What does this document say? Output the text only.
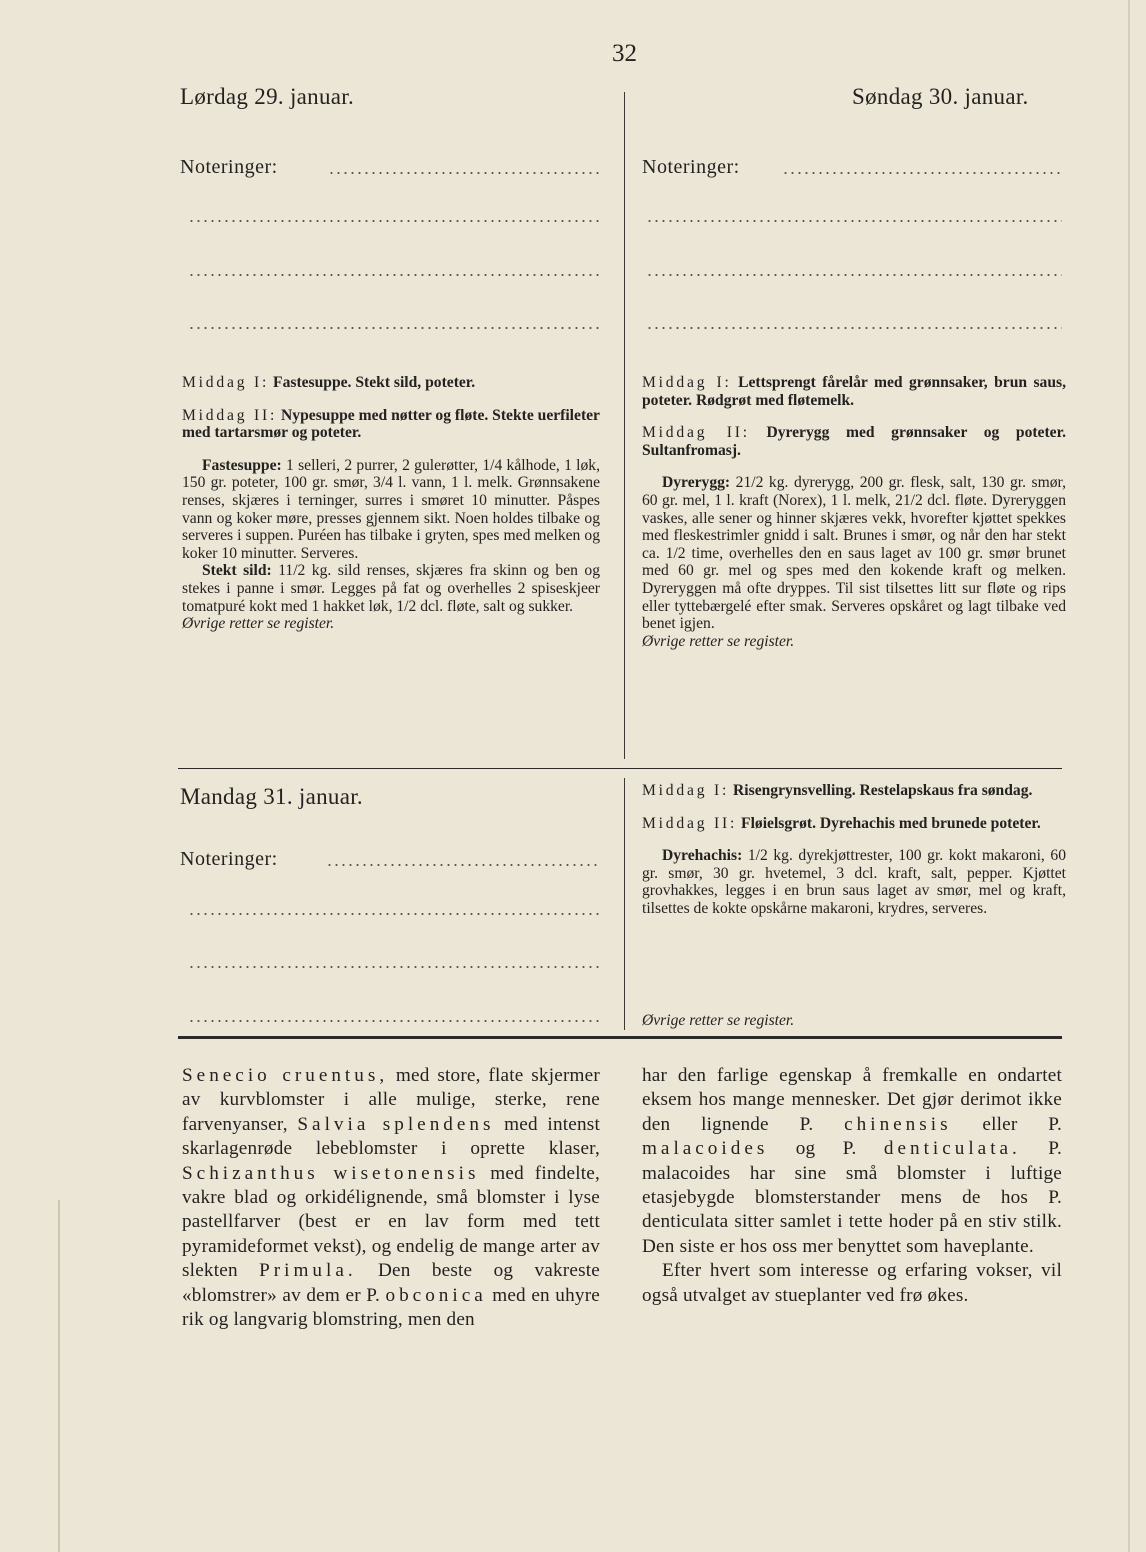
32
Lørdag 29. januar.
Noteringer:

Middag I: Fastesuppe. Stekt sild, poteter.

Middag II: Nypesuppe med nøtter og fløte. Stekte uerfileter med tartarsmør og poteter.

Fastesuppe: 1 selleri, 2 purrer, 2 gulerøtter, 1/4 kålhode, 1 løk, 150 gr. poteter, 100 gr. smør, 3/4 l. vann, 1 l. melk. Grønnsakene renses, skjæres i terninger, surres i smøret 10 minutter. Påspes vann og koker møre, presses gjennem sikt. Noen holdes tilbake og serveres i suppen. Puréen has tilbake i gryten, spes med melken og koker 10 minutter. Serveres.

Stekt sild: 11/2 kg. sild renses, skjæres fra skinn og ben og stekes i panne i smør. Legges på fat og overhelles 2 spiseskjeer tomatpuré kokt med 1 hakket løk, 1/2 dcl. fløte, salt og sukker.

Øvrige retter se register.

Søndag 30. januar.
Noteringer:

Middag I: Lettsprengt fårelår med grønnsaker, brun saus, poteter. Rødgrøt med fløtemelk.

Middag II: Dyrerygg med grønnsaker og poteter. Sultanfromasj.

Dyrerygg: 21/2 kg. dyrerygg, 200 gr. flesk, salt, 130 gr. smør, 60 gr. mel, 1 l. kraft (Norex), 1 l. melk, 21/2 dcl. fløte. Dyreryggen vaskes, alle sener og hinner skjæres vekk, hvorefter kjøttet spekkes med fleskestrimler gnidd i salt. Brunes i smør, og når den har stekt ca. 1/2 time, overhelles den en saus laget av 100 gr. smør brunet med 60 gr. mel og spes med den kokende kraft og melken. Dyreryggen må ofte dryppes. Til sist tilsettes litt sur fløte og rips eller tyttebærgelé efter smak. Serveres opskåret og lagt tilbake ved benet igjen.

Øvrige retter se register.

Mandag 31. januar.
Noteringer:

Middag I: Risengrynsvelling. Restelapskaus fra søndag.

Middag II: Fløielsgrøt. Dyrehachis med brunede poteter.

Dyrehachis: 1/2 kg. dyrekjøttrester, 100 gr. kokt makaroni, 60 gr. smør, 30 gr. hvetemel, 3 dcl. kraft, salt, pepper. Kjøttet grovhakkes, legges i en brun saus laget av smør, mel og kraft, tilsettes de kokte opskårne makaroni, krydres, serveres.

Øvrige retter se register.

Senecio cruentus, med store, flate skjermer av kurvblomster i alle mulige, sterke, rene farvenyanser, Salvia splendens med intenst skarlagenrøde lebeblomster i oprette klaser, Schizanthus wisetonensis med findelte, vakre blad og orkidélignende, små blomster i lyse pastellfarver (best er en lav form med tett pyramideformet vekst), og endelig de mange arter av slekten Primula. Den beste og vakreste «blomstrer» av dem er P. obconica med en uhyre rik og langvarig blomstring, men den

har den farlige egenskap å fremkalle en ondartet eksem hos mange mennesker. Det gjør derimot ikke den lignende P. chinensis eller P. malacoides og P. denticulata. P. malacoides har sine små blomster i luftige etasjebygde blomsterstander mens de hos P. denticulata sitter samlet i tette hoder på en stiv stilk. Den siste er hos oss mer benyttet som haveplante.

Efter hvert som interesse og erfaring vokser, vil også utvalget av stueplanter ved frø økes.
